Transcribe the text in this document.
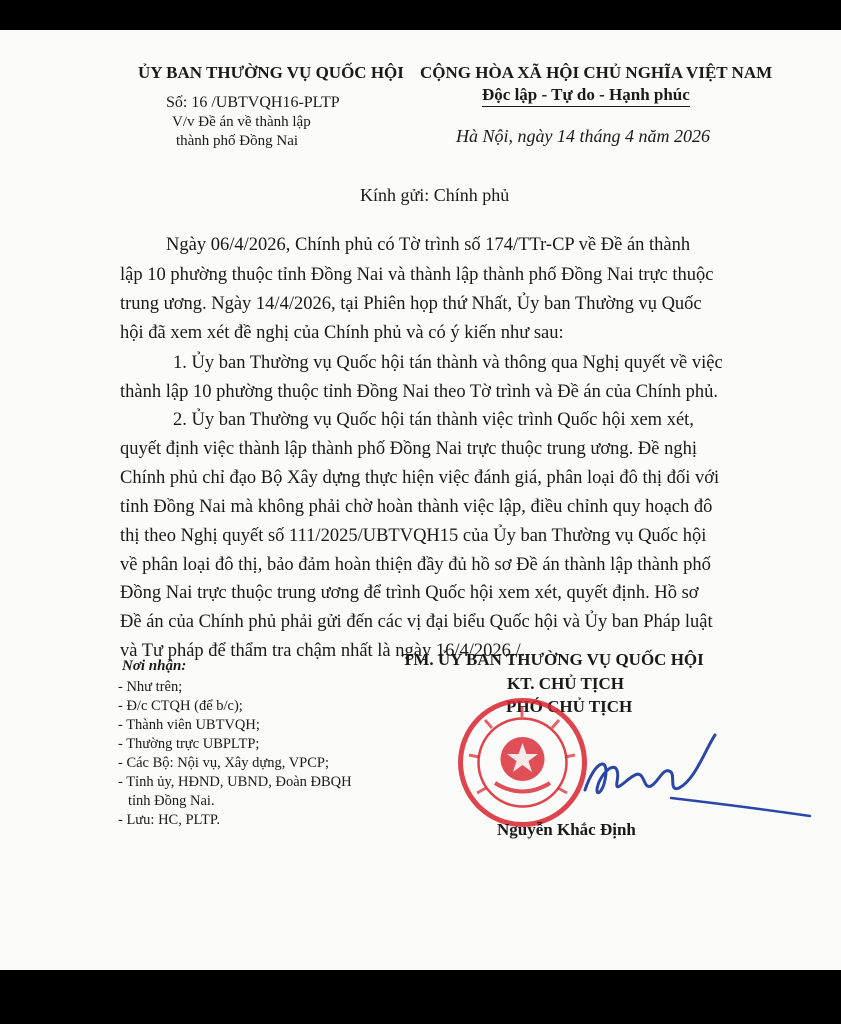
ỦY BAN THƯỜNG VỤ QUỐC HỘI
Số: 16 /UBTVQH16-PLTP
V/v Đề án về thành lập
thành phố Đồng Nai
CỘNG HÒA XÃ HỘI CHỦ NGHĨA VIỆT NAM
Độc lập - Tự do - Hạnh phúc
Hà Nội, ngày 14 tháng 4 năm 2026
Kính gửi: Chính phủ
Ngày 06/4/2026, Chính phủ có Tờ trình số 174/TTr-CP về Đề án thành
lập 10 phường thuộc tỉnh Đồng Nai và thành lập thành phố Đồng Nai trực thuộc
trung ương. Ngày 14/4/2026, tại Phiên họp thứ Nhất, Ủy ban Thường vụ Quốc
hội đã xem xét đề nghị của Chính phủ và có ý kiến như sau:
1. Ủy ban Thường vụ Quốc hội tán thành và thông qua Nghị quyết về việc
thành lập 10 phường thuộc tỉnh Đồng Nai theo Tờ trình và Đề án của Chính phủ.
2. Ủy ban Thường vụ Quốc hội tán thành việc trình Quốc hội xem xét,
quyết định việc thành lập thành phố Đồng Nai trực thuộc trung ương. Đề nghị
Chính phủ chỉ đạo Bộ Xây dựng thực hiện việc đánh giá, phân loại đô thị đối với
tỉnh Đồng Nai mà không phải chờ hoàn thành việc lập, điều chỉnh quy hoạch đô
thị theo Nghị quyết số 111/2025/UBTVQH15 của Ủy ban Thường vụ Quốc hội
về phân loại đô thị, bảo đảm hoàn thiện đầy đủ hồ sơ Đề án thành lập thành phố
Đồng Nai trực thuộc trung ương để trình Quốc hội xem xét, quyết định. Hồ sơ
Đề án của Chính phủ phải gửi đến các vị đại biểu Quốc hội và Ủy ban Pháp luật
và Tư pháp để thẩm tra chậm nhất là ngày 16/4/2026./.
Nơi nhận:
- Như trên;
- Đ/c CTQH (để b/c);
- Thành viên UBTVQH;
- Thường trực UBPLTP;
- Các Bộ: Nội vụ, Xây dựng, VPCP;
- Tỉnh ủy, HĐND, UBND, Đoàn ĐBQH
tỉnh Đồng Nai.
- Lưu: HC, PLTP.
TM. ỦY BAN THƯỜNG VỤ QUỐC HỘI
KT. CHỦ TỊCH
PHÓ CHỦ TỊCH
Nguyễn Khắc Định
